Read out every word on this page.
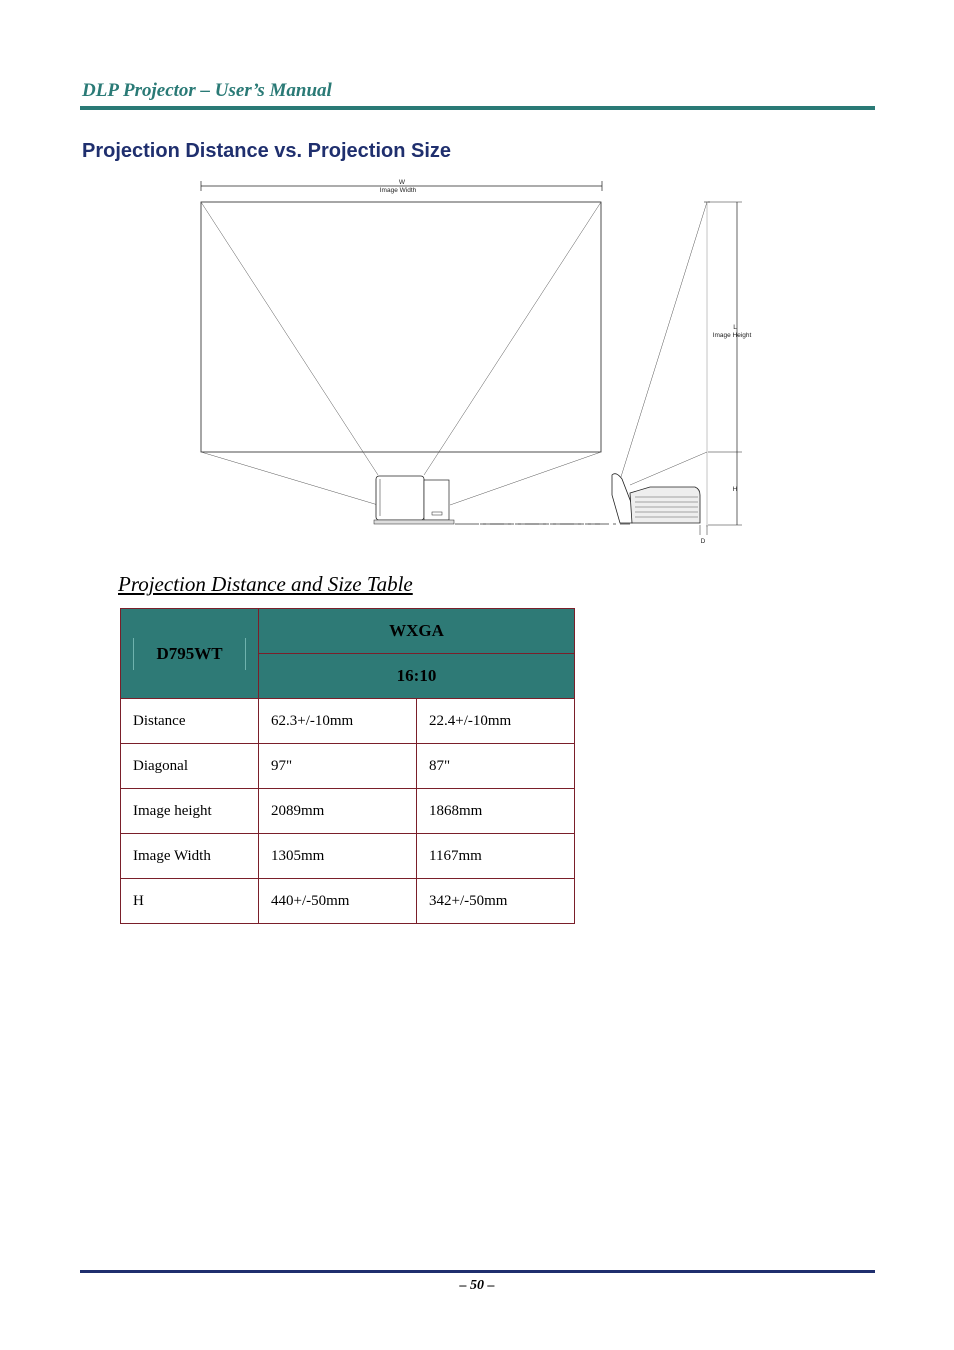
DLP Projector – User’s Manual
Projection Distance vs. Projection Size
W
Image Width
L
Image Height
H
D
Projection Distance and Size Table
D795WT	WXGA	
	16:10	
Distance	62.3+/-10mm	22.4+/-10mm
Diagonal	97"	87"
Image height	2089mm	1868mm
Image Width	1305mm	1167mm
H	440+/-50mm	342+/-50mm
– 50 –
